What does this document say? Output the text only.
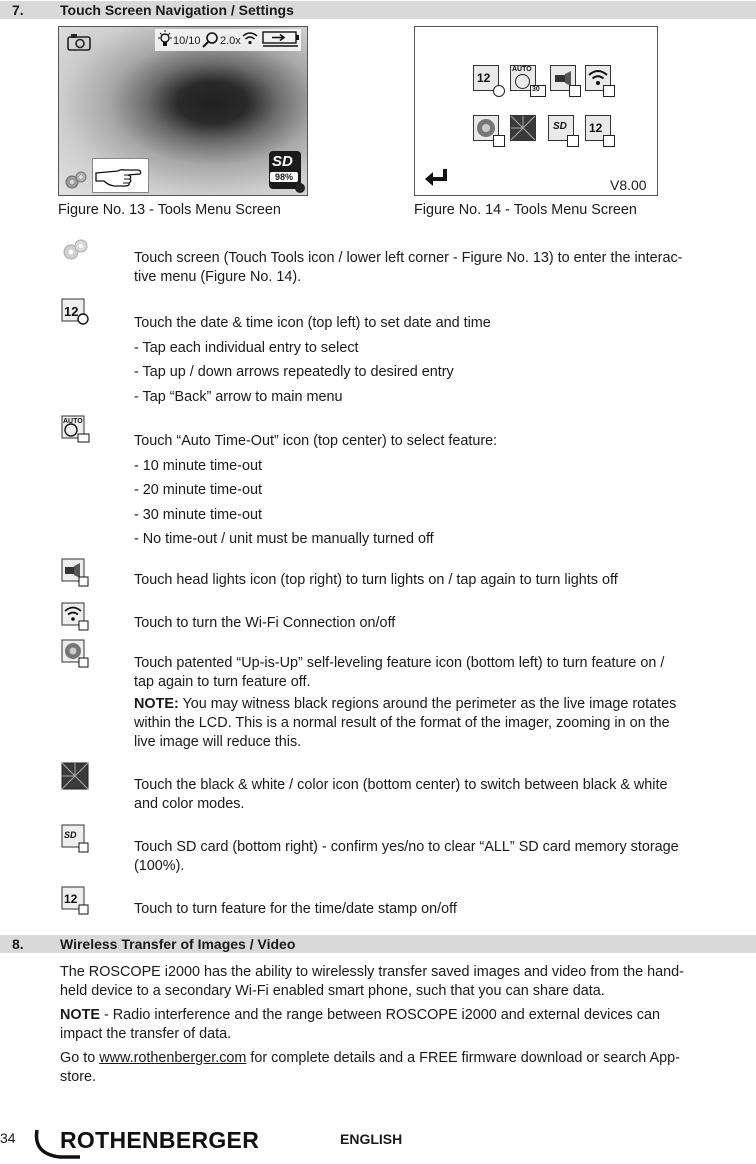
7.	Touch Screen Navigation / Settings
10/10 2.0x
SD
98%
Figure No. 13 - Tools Menu Screen
12
AUTO
30
SD 12
V8.00
Figure No. 14 - Tools Menu Screen
12
AUTO
SD
12
Touch screen (Touch Tools icon / lower left corner - Figure No. 13) to enter the interac-
tive menu (Figure No. 14).
Touch the date & time icon (top left) to set date and time
- Tap each individual entry to select
- Tap up / down arrows repeatedly to desired entry
- Tap “Back” arrow to main menu
Touch “Auto Time-Out” icon (top center) to select feature:
- 10 minute time-out
- 20 minute time-out
- 30 minute time-out
- No time-out / unit must be manually turned off
Touch head lights icon (top right) to turn lights on / tap again to turn lights off
Touch to turn the Wi-Fi Connection on/off
Touch patented “Up-is-Up” self-leveling feature icon (bottom left) to turn feature on /
tap again to turn feature off.
NOTE: You may witness black regions around the perimeter as the live image rotates
within the LCD. This is a normal result of the format of the imager, zooming in on the
live image will reduce this.
Touch the black & white / color icon (bottom center) to switch between black & white
and color modes.
Touch SD card (bottom right) - confirm yes/no to clear “ALL” SD card memory storage
(100%).
Touch to turn feature for the time/date stamp on/off
8.	Wireless Transfer of Images / Video
The ROSCOPE i2000 has the ability to wirelessly transfer saved images and video from the hand-
held device to a secondary Wi-Fi enabled smart phone, such that you can share data.
NOTE - Radio interference and the range between ROSCOPE i2000 and external devices can
impact the transfer of data.
Go to www.rothenberger.com for complete details and a FREE firmware download or search App-
store.
34 ROTHENBERGER	ENGLISH
